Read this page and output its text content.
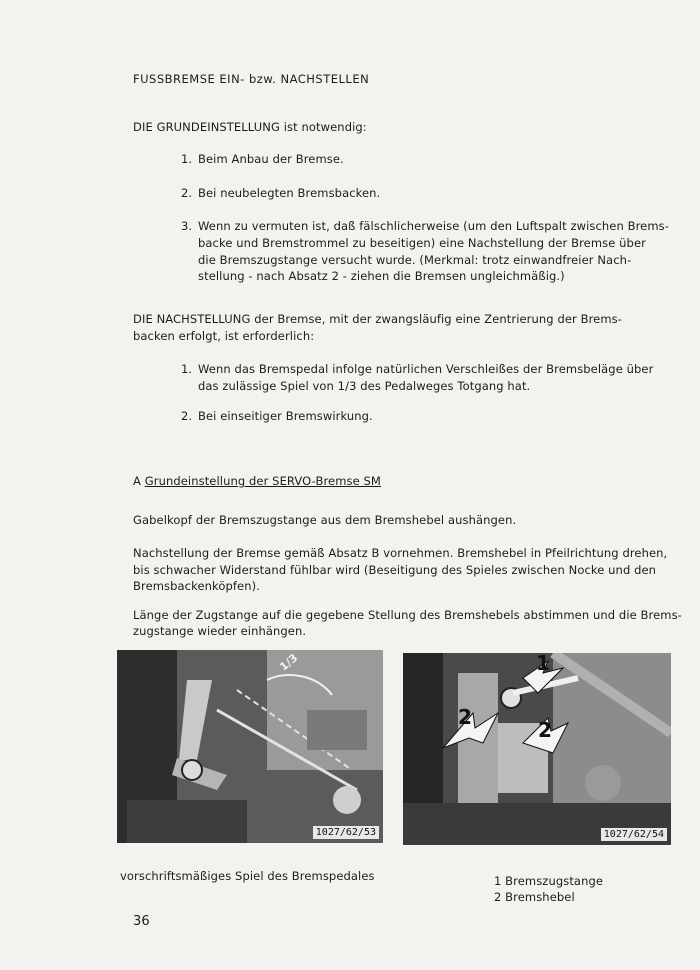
FUSSBREMSE EIN- bzw. NACHSTELLEN
DIE GRUNDEINSTELLUNG ist notwendig:
1. Beim Anbau der Bremse.
2. Bei neubelegten Bremsbacken.
3. Wenn zu vermuten ist, daß fälschlicherweise (um den Luftspalt zwischen Brems-
backe und Bremstrommel zu beseitigen) eine Nachstellung der Bremse über
die Bremszugstange versucht wurde. (Merkmal: trotz einwandfreier Nach-
stellung - nach Absatz 2 - ziehen die Bremsen ungleichmäßig.)
DIE NACHSTELLUNG der Bremse, mit der zwangsläufig eine Zentrierung der Brems-
backen erfolgt, ist erforderlich:
1. Wenn das Bremspedal infolge natürlichen Verschleißes der Bremsbeläge über
das zulässige Spiel von 1/3 des Pedalweges Totgang hat.
2. Bei einseitiger Bremswirkung.
A Grundeinstellung der SERVO-Bremse SM
Gabelkopf der Bremszugstange aus dem Bremshebel aushängen.
Nachstellung der Bremse gemäß Absatz B vornehmen. Bremshebel in Pfeilrichtung drehen,
bis schwacher Widerstand fühlbar wird (Beseitigung des Spieles zwischen Nocke und den
Bremsbackenköpfen).
Länge der Zugstange auf die gegebene Stellung des Bremshebels abstimmen und die Brems-
zugstange wieder einhängen.
1/3
1027/62/53
2
1
2
1027/62/54
vorschriftsmäßiges Spiel des Bremspedales	1 Bremszugstange
2 Bremshebel
36
